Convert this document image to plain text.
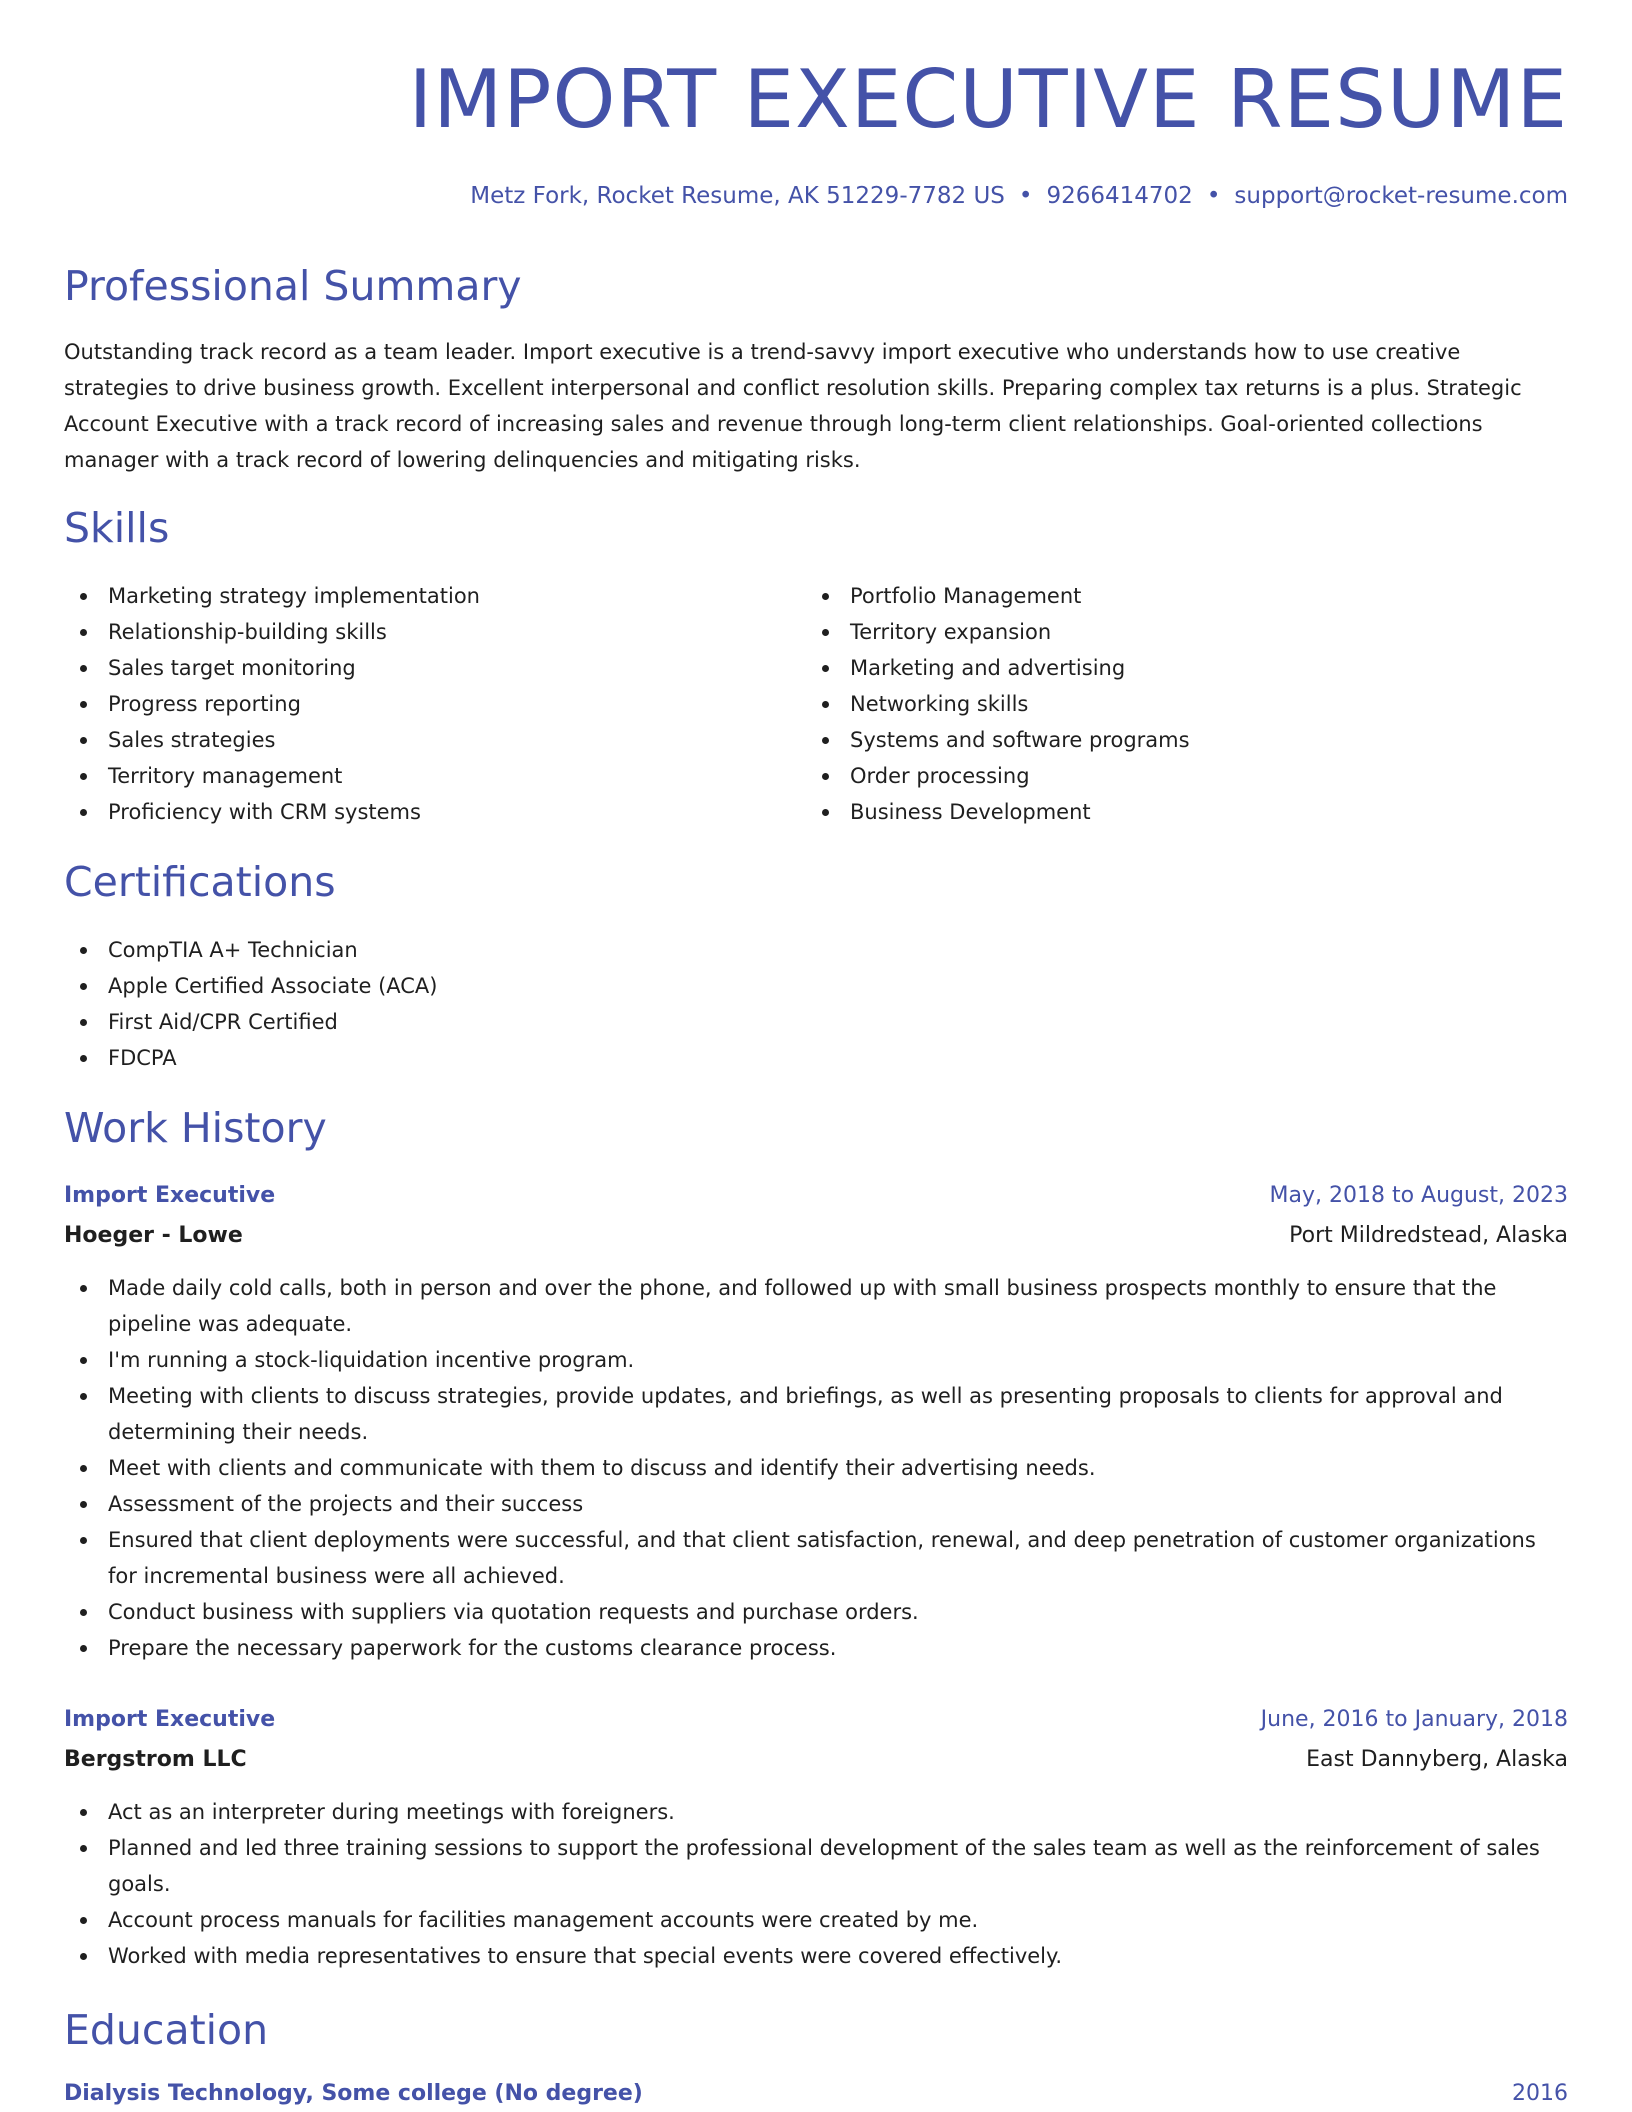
IMPORT EXECUTIVE RESUME
Metz Fork, Rocket Resume, AK 51229-7782 US • 9266414702 • support@rocket-resume.com
Professional Summary

Outstanding track record as a team leader. Import executive is a trend-savvy import executive who understands how to use creative strategies to drive business growth. Excellent interpersonal and conflict resolution skills. Preparing complex tax returns is a plus. Strategic Account Executive with a track record of increasing sales and revenue through long-term client relationships. Goal-oriented collections manager with a track record of lowering delinquencies and mitigating risks.

Skills
Marketing strategy implementation
Relationship-building skills
Sales target monitoring
Progress reporting
Sales strategies
Territory management
Proficiency with CRM systems
Portfolio Management
Territory expansion
Marketing and advertising
Networking skills
Systems and software programs
Order processing
Business Development
Certifications
CompTIA A+ Technician
Apple Certified Associate (ACA)
First Aid/CPR Certified
FDCPA
Work History
Import Executive	May, 2018 to August, 2023
Hoeger - Lowe	Port Mildredstead, Alaska
Made daily cold calls, both in person and over the phone, and followed up with small business prospects monthly to ensure that the pipeline was adequate.
I'm running a stock-liquidation incentive program.
Meeting with clients to discuss strategies, provide updates, and briefings, as well as presenting proposals to clients for approval and determining their needs.
Meet with clients and communicate with them to discuss and identify their advertising needs.
Assessment of the projects and their success
Ensured that client deployments were successful, and that client satisfaction, renewal, and deep penetration of customer organizations for incremental business were all achieved.
Conduct business with suppliers via quotation requests and purchase orders.
Prepare the necessary paperwork for the customs clearance process.
Import Executive	June, 2016 to January, 2018
Bergstrom LLC	East Dannyberg, Alaska
Act as an interpreter during meetings with foreigners.
Planned and led three training sessions to support the professional development of the sales team as well as the reinforcement of sales goals.
Account process manuals for facilities management accounts were created by me.
Worked with media representatives to ensure that special events were covered effectively.
Education
Dialysis Technology, Some college (No degree)	2016
